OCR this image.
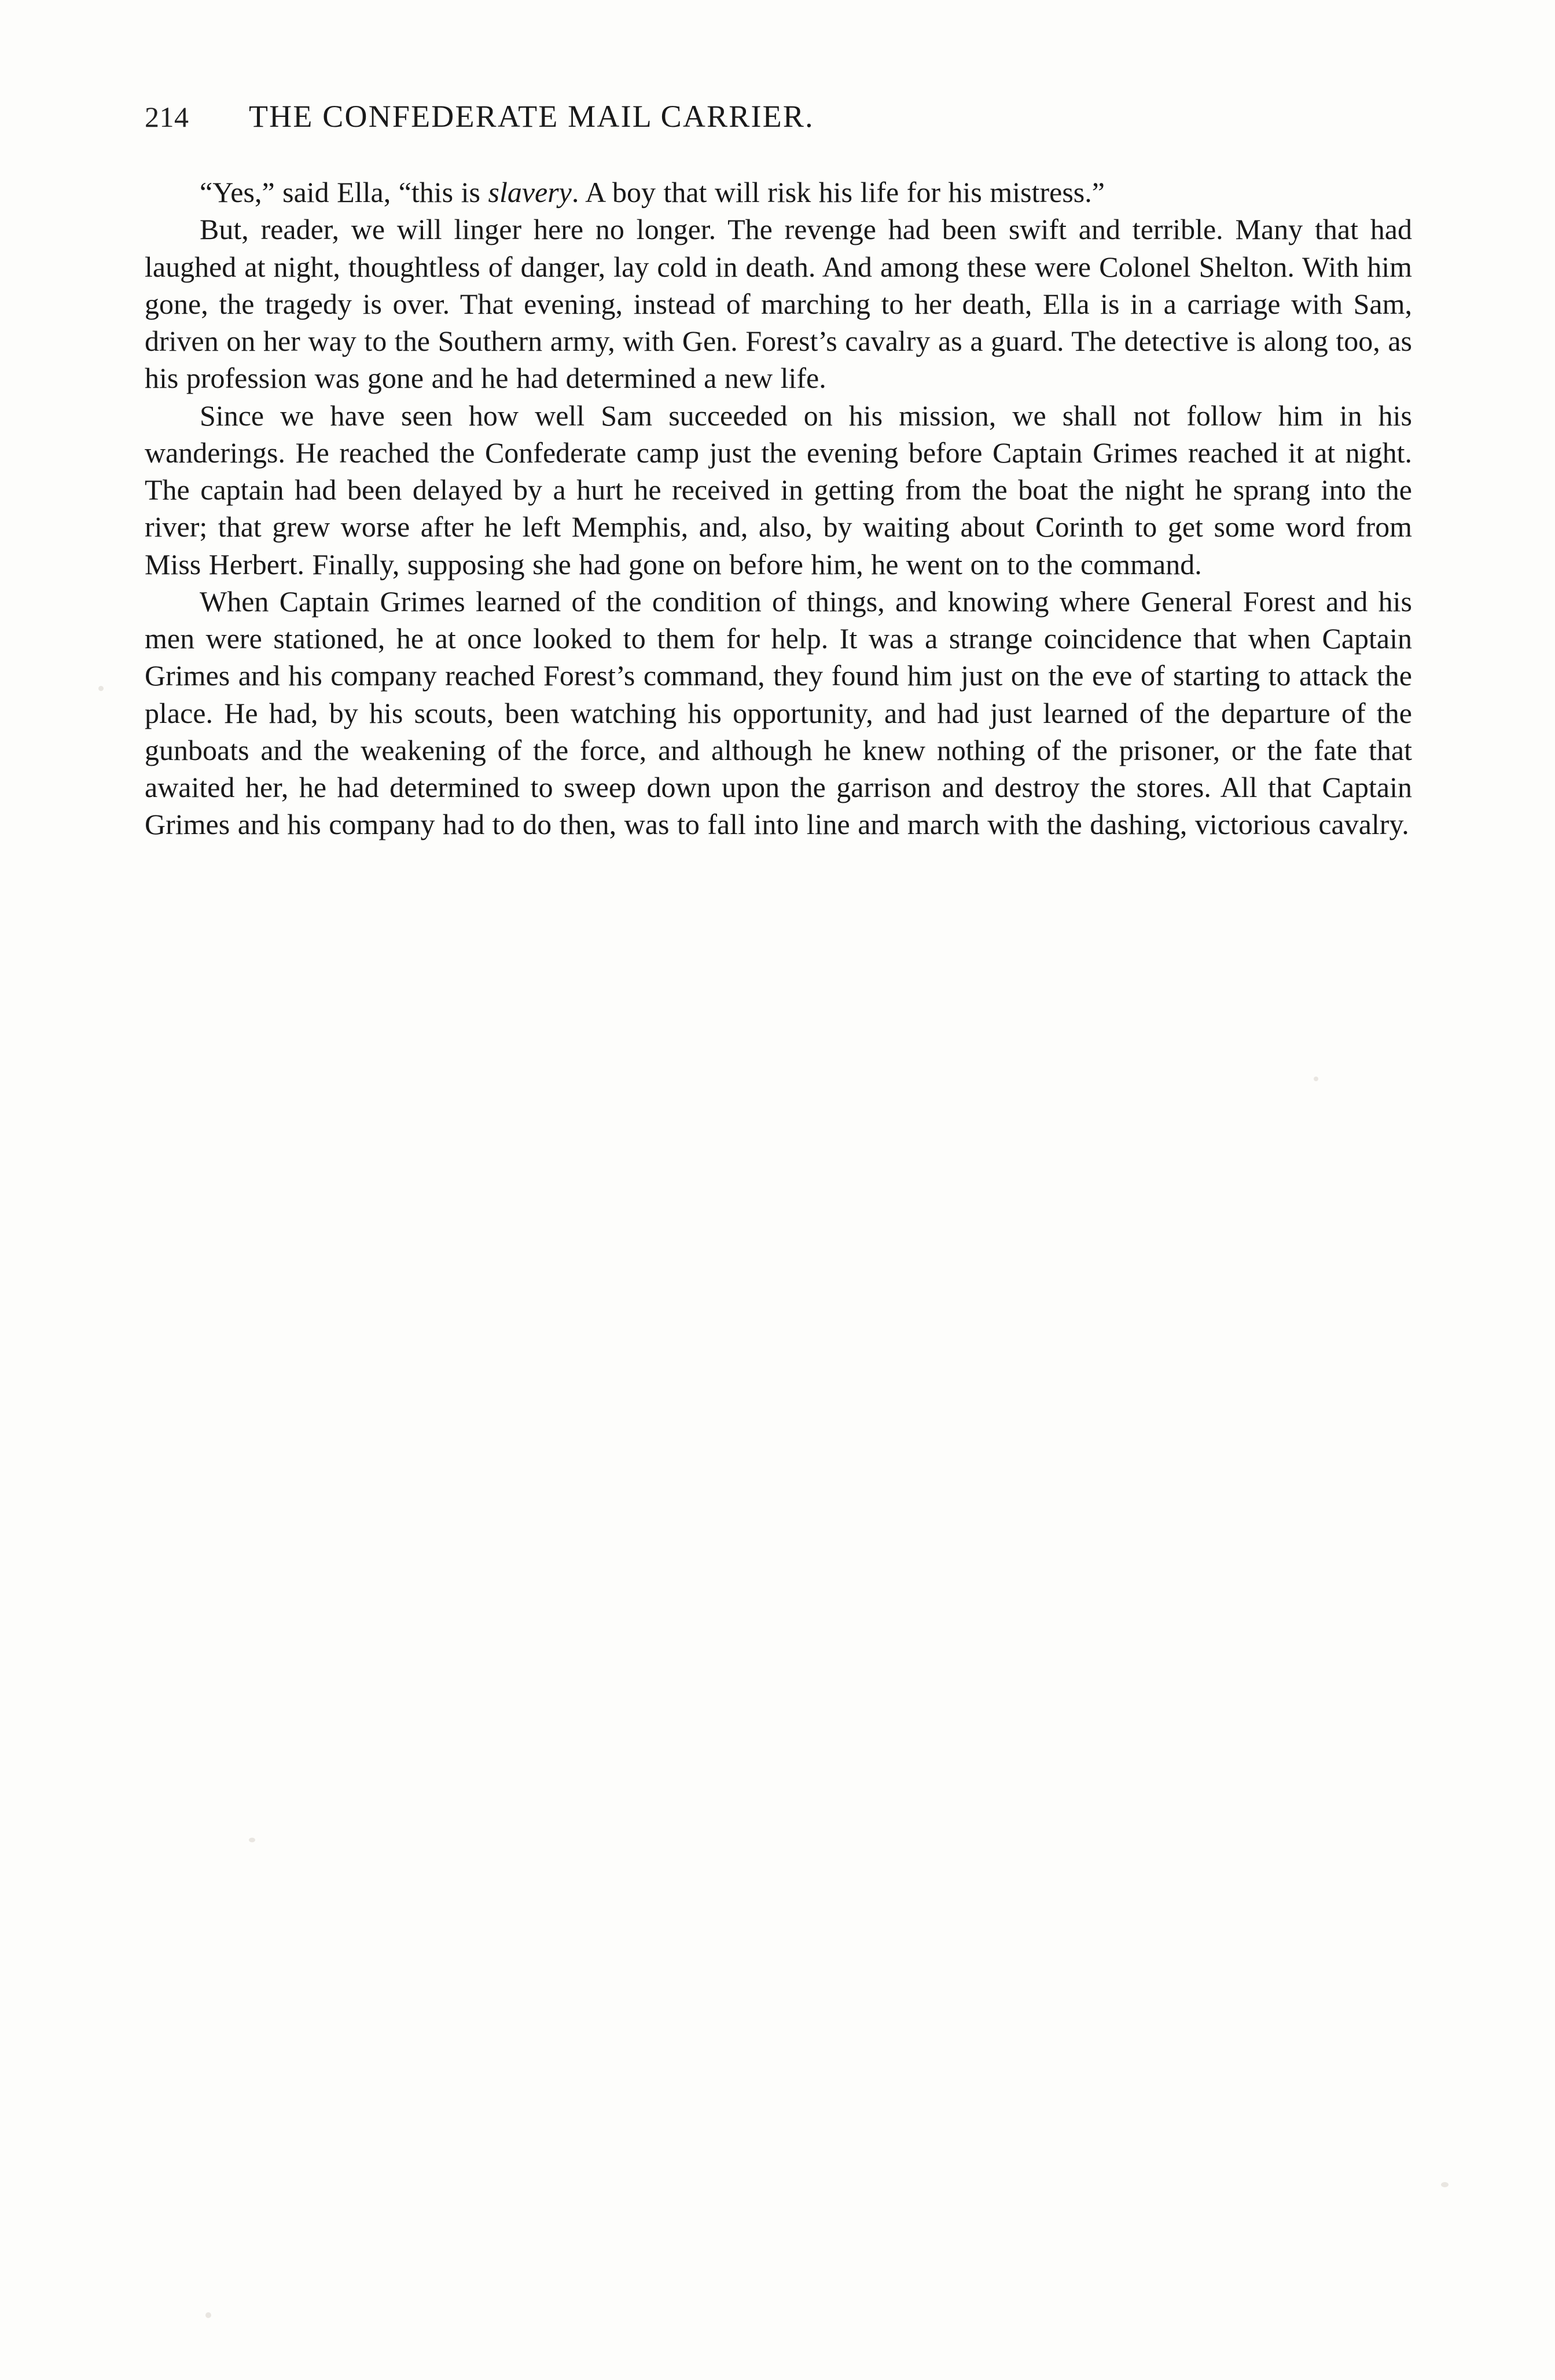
214	THE CONFEDERATE MAIL CARRIER.

“Yes,” said Ella, “this is slavery. A boy that will risk his life for his mistress.”

But, reader, we will linger here no longer. The revenge had been swift and terrible. Many that had laughed at night, thoughtless of danger, lay cold in death. And among these were Colonel Shelton. With him gone, the tragedy is over. That evening, instead of marching to her death, Ella is in a carriage with Sam, driven on her way to the Southern army, with Gen. Forest’s cavalry as a guard. The detective is along too, as his profession was gone and he had determined a new life.

Since we have seen how well Sam succeeded on his mission, we shall not follow him in his wanderings. He reached the Confederate camp just the evening before Captain Grimes reached it at night. The captain had been delayed by a hurt he received in getting from the boat the night he sprang into the river; that grew worse after he left Memphis, and, also, by waiting about Corinth to get some word from Miss Herbert. Finally, supposing she had gone on before him, he went on to the command.

When Captain Grimes learned of the condition of things, and knowing where General Forest and his men were stationed, he at once looked to them for help. It was a strange coincidence that when Captain Grimes and his company reached Forest’s command, they found him just on the eve of starting to attack the place. He had, by his scouts, been watching his opportunity, and had just learned of the departure of the gunboats and the weakening of the force, and although he knew nothing of the prisoner, or the fate that awaited her, he had determined to sweep down upon the garrison and destroy the stores. All that Captain Grimes and his company had to do then, was to fall into line and march with the dashing, victorious cavalry.
